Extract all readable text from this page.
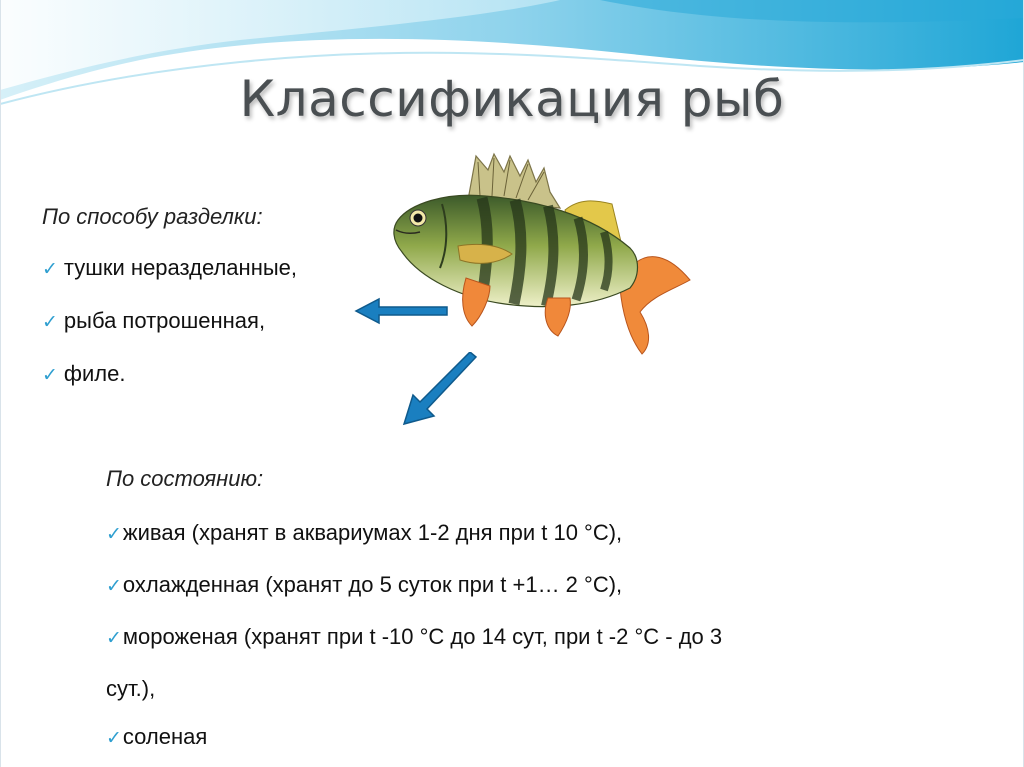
Классификация рыб
По способу разделки:
✓ тушки неразделанные,
✓ рыба потрошенная,
✓ филе.
По состоянию:
✓живая (хранят в аквариумах 1-2 дня при t 10 °C),
✓охлажденная (хранят до 5 суток при t +1… 2 °C),
✓мороженая (хранят при t -10 °C до 14 сут, при t -2 °C - до 3
сут.),
✓соленая
